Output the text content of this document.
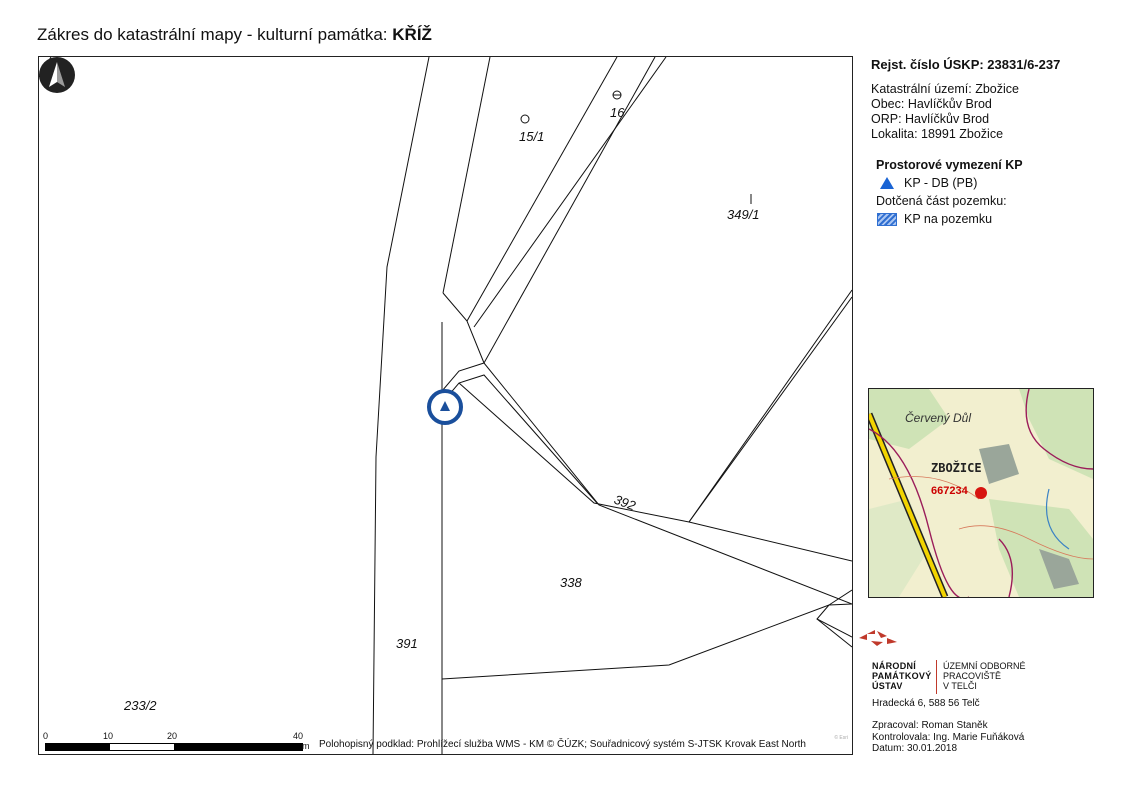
Zákres do katastrální mapy - kulturní památka: KŘÍŽ
15/1
16
349/1
392
338
391
233/2
0	10	20	40
m Polohopisný podklad: Prohlížecí služba WMS - KM © ČÚZK; Souřadnicový systém S-JTSK Krovak East North
© Esri
Rejst. číslo ÚSKP: 23831/6-237

Katastrální území: Zbožice

Obec: Havlíčkův Brod

ORP: Havlíčkův Brod

Lokalita: 18991 Zbožice

Prostorové vymezení KP
KP - DB (PB)
Dotčená část pozemku:
KP na pozemku
Červený Důl
ZBOŽICE
667234
NÁRODNÍ
PAMÁTKOVÝ
ÚSTAV
ÚZEMNÍ ODBORNÉ
PRACOVIŠTĚ
V TELČI
Hradecká 6, 588 56 Telč

Zpracoval: Roman Staněk

Kontrolovala: Ing. Marie Fuňáková

Datum: 30.01.2018
